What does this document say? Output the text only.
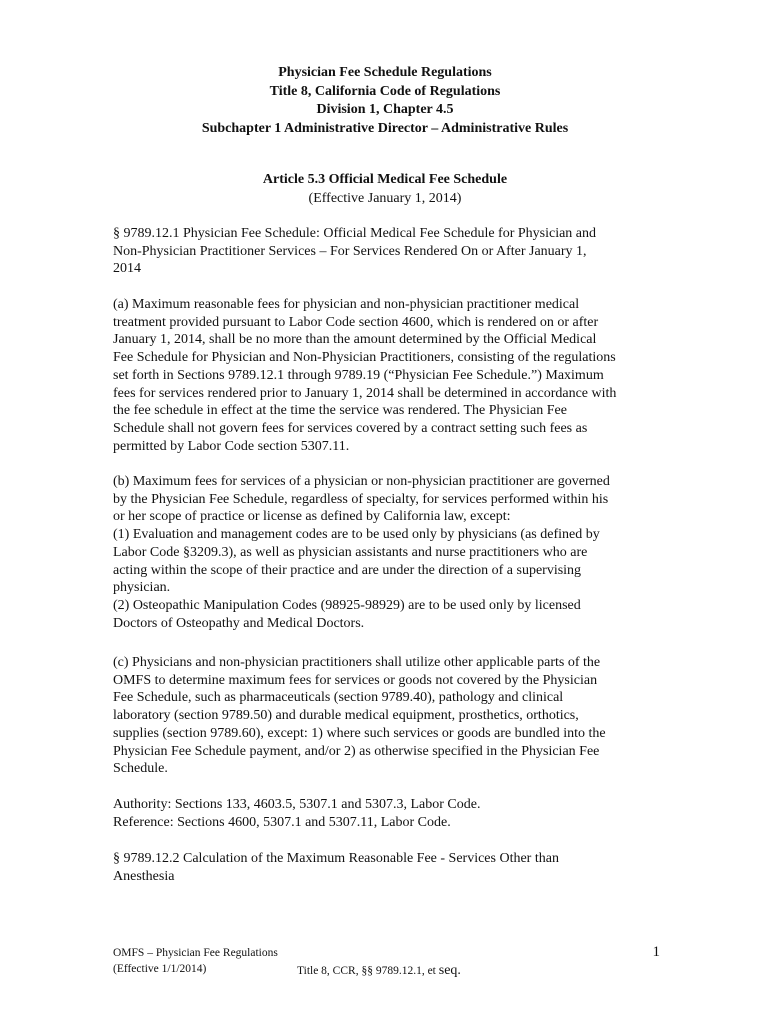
Physician Fee Schedule Regulations
Title 8, California Code of Regulations
Division 1, Chapter 4.5
Subchapter 1 Administrative Director – Administrative Rules
Article 5.3 Official Medical Fee Schedule
(Effective January 1, 2014)
§ 9789.12.1 Physician Fee Schedule: Official Medical Fee Schedule for Physician and
Non-Physician Practitioner Services – For Services Rendered On or After January 1,
2014
(a) Maximum reasonable fees for physician and non-physician practitioner medical
treatment provided pursuant to Labor Code section 4600, which is rendered on or after
January 1, 2014, shall be no more than the amount determined by the Official Medical
Fee Schedule for Physician and Non-Physician Practitioners, consisting of the regulations
set forth in Sections 9789.12.1 through 9789.19 (“Physician Fee Schedule.”) Maximum
fees for services rendered prior to January 1, 2014 shall be determined in accordance with
the fee schedule in effect at the time the service was rendered. The Physician Fee
Schedule shall not govern fees for services covered by a contract setting such fees as
permitted by Labor Code section 5307.11.
(b) Maximum fees for services of a physician or non-physician practitioner are governed
by the Physician Fee Schedule, regardless of specialty, for services performed within his
or her scope of practice or license as defined by California law, except:
(1) Evaluation and management codes are to be used only by physicians (as defined by
Labor Code §3209.3), as well as physician assistants and nurse practitioners who are
acting within the scope of their practice and are under the direction of a supervising
physician.
(2) Osteopathic Manipulation Codes (98925-98929) are to be used only by licensed
Doctors of Osteopathy and Medical Doctors.
(c) Physicians and non-physician practitioners shall utilize other applicable parts of the
OMFS to determine maximum fees for services or goods not covered by the Physician
Fee Schedule, such as pharmaceuticals (section 9789.40), pathology and clinical
laboratory (section 9789.50) and durable medical equipment, prosthetics, orthotics,
supplies (section 9789.60), except: 1) where such services or goods are bundled into the
Physician Fee Schedule payment, and/or 2) as otherwise specified in the Physician Fee
Schedule.
Authority: Sections 133, 4603.5, 5307.1 and 5307.3, Labor Code.
Reference: Sections 4600, 5307.1 and 5307.11, Labor Code.
§ 9789.12.2 Calculation of the Maximum Reasonable Fee - Services Other than
Anesthesia
OMFS – Physician Fee Regulations
(Effective 1/1/2014)	Title 8, CCR, §§ 9789.12.1, et seq.
1
